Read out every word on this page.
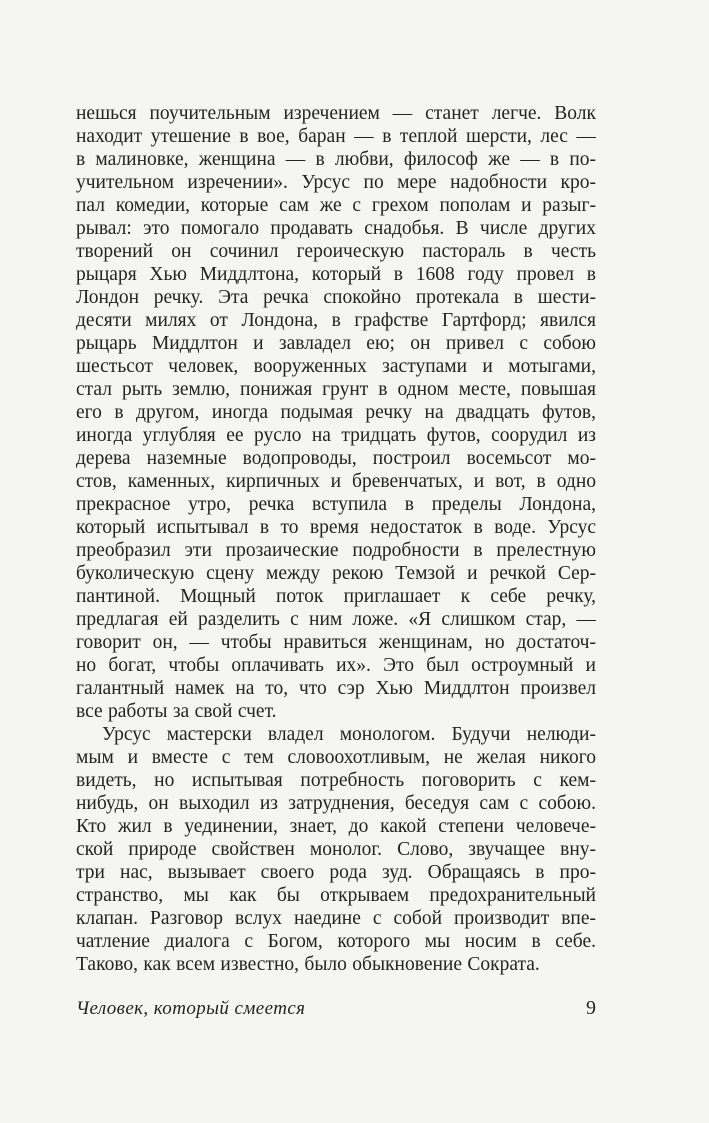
нешься поучительным изречением — станет легче. Волк
находит утешение в вое, баран — в теплой шерсти, лес —
в малиновке, женщина — в любви, философ же — в по-
учительном изречении». Урсус по мере надобности кро-
пал комедии, которые сам же с грехом пополам и разыг-
рывал: это помогало продавать снадобья. В числе других
творений он сочинил героическую пастораль в честь
рыцаря Хью Миддлтона, который в 1608 году провел в
Лондон речку. Эта речка спокойно протекала в шести-
десяти милях от Лондона, в графстве Гартфорд; явился
рыцарь Миддлтон и завладел ею; он привел с собою
шестьсот человек, вооруженных заступами и мотыгами,
стал рыть землю, понижая грунт в одном месте, повышая
его в другом, иногда подымая речку на двадцать футов,
иногда углубляя ее русло на тридцать футов, соорудил из
дерева наземные водопроводы, построил восемьсот мо-
стов, каменных, кирпичных и бревенчатых, и вот, в одно
прекрасное утро, речка вступила в пределы Лондона,
который испытывал в то время недостаток в воде. Урсус
преобразил эти прозаические подробности в прелестную
буколическую сцену между рекою Темзой и речкой Сер-
пантиной. Мощный поток приглашает к себе речку,
предлагая ей разделить с ним ложе. «Я слишком стар, —
говорит он, — чтобы нравиться женщинам, но достаточ-
но богат, чтобы оплачивать их». Это был остроумный и
галантный намек на то, что сэр Хью Миддлтон произвел
все работы за свой счет.
Урсус мастерски владел монологом. Будучи нелюди-
мым и вместе с тем словоохотливым, не желая никого
видеть, но испытывая потребность поговорить с кем-
нибудь, он выходил из затруднения, беседуя сам с собою.
Кто жил в уединении, знает, до какой степени человече-
ской природе свойствен монолог. Слово, звучащее вну-
три нас, вызывает своего рода зуд. Обращаясь в про-
странство, мы как бы открываем предохранительный
клапан. Разговор вслух наедине с собой производит впе-
чатление диалога с Богом, которого мы носим в себе.
Таково, как всем известно, было обыкновение Сократа.
Человек, который смеется	9
